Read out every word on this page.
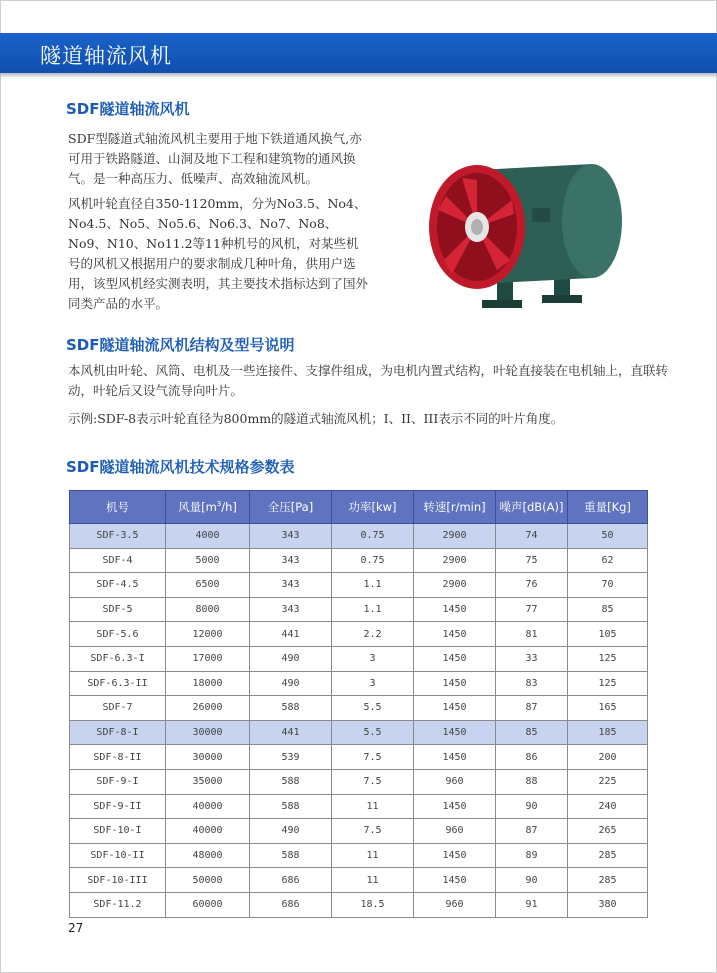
隧道轴流风机
SDF隧道轴流风机

SDF型隧道式轴流风机主要用于地下铁道通风换气,亦可用于铁路隧道、山洞及地下工程和建筑物的通风换气。是一种高压力、低噪声、高效轴流风机。

风机叶轮直径自350-1120mm，分为No3.5、No4、No4.5、No5、No5.6、No6.3、No7、No8、No9、N10、No11.2等11种机号的风机，对某些机号的风机又根据用户的要求制成几种叶角，供用户选用，该型风机经实测表明，其主要技术指标达到了国外同类产品的水平。

SDF隧道轴流风机结构及型号说明

本风机由叶轮、风筒、电机及一些连接件、支撑件组成，为电机内置式结构，叶轮直接装在电机轴上，直联转动，叶轮后又设气流导向叶片。

示例:SDF-8表示叶轮直径为800mm的隧道式轴流风机；I、II、III表示不同的叶片角度。

SDF隧道轴流风机技术规格参数表
机号	风量$[m^3/h]$	全压[Pa]	功率[kw]	转速[r/min]	噪声[dB(A)]	重量[Kg]
SDF-3.5	4000	343	0.75	2900	74	50
SDF-4	5000	343	0.75	2900	75	62
SDF-4.5	6500	343	1.1	2900	76	70
SDF-5	8000	343	1.1	1450	77	85
SDF-5.6	12000	441	2.2	1450	81	105
SDF-6.3-I	17000	490	3	1450	33	125
SDF-6.3-II	18000	490	3	1450	83	125
SDF-7	26000	588	5.5	1450	87	165
SDF-8-I	30000	441	5.5	1450	85	185
SDF-8-II	30000	539	7.5	1450	86	200
SDF-9-I	35000	588	7.5	960	88	225
SDF-9-II	40000	588	11	1450	90	240
SDF-10-I	40000	490	7.5	960	87	265
SDF-10-II	48000	588	11	1450	89	285
SDF-10-III	50000	686	11	1450	90	285
SDF-11.2	60000	686	18.5	960	91	380
27
